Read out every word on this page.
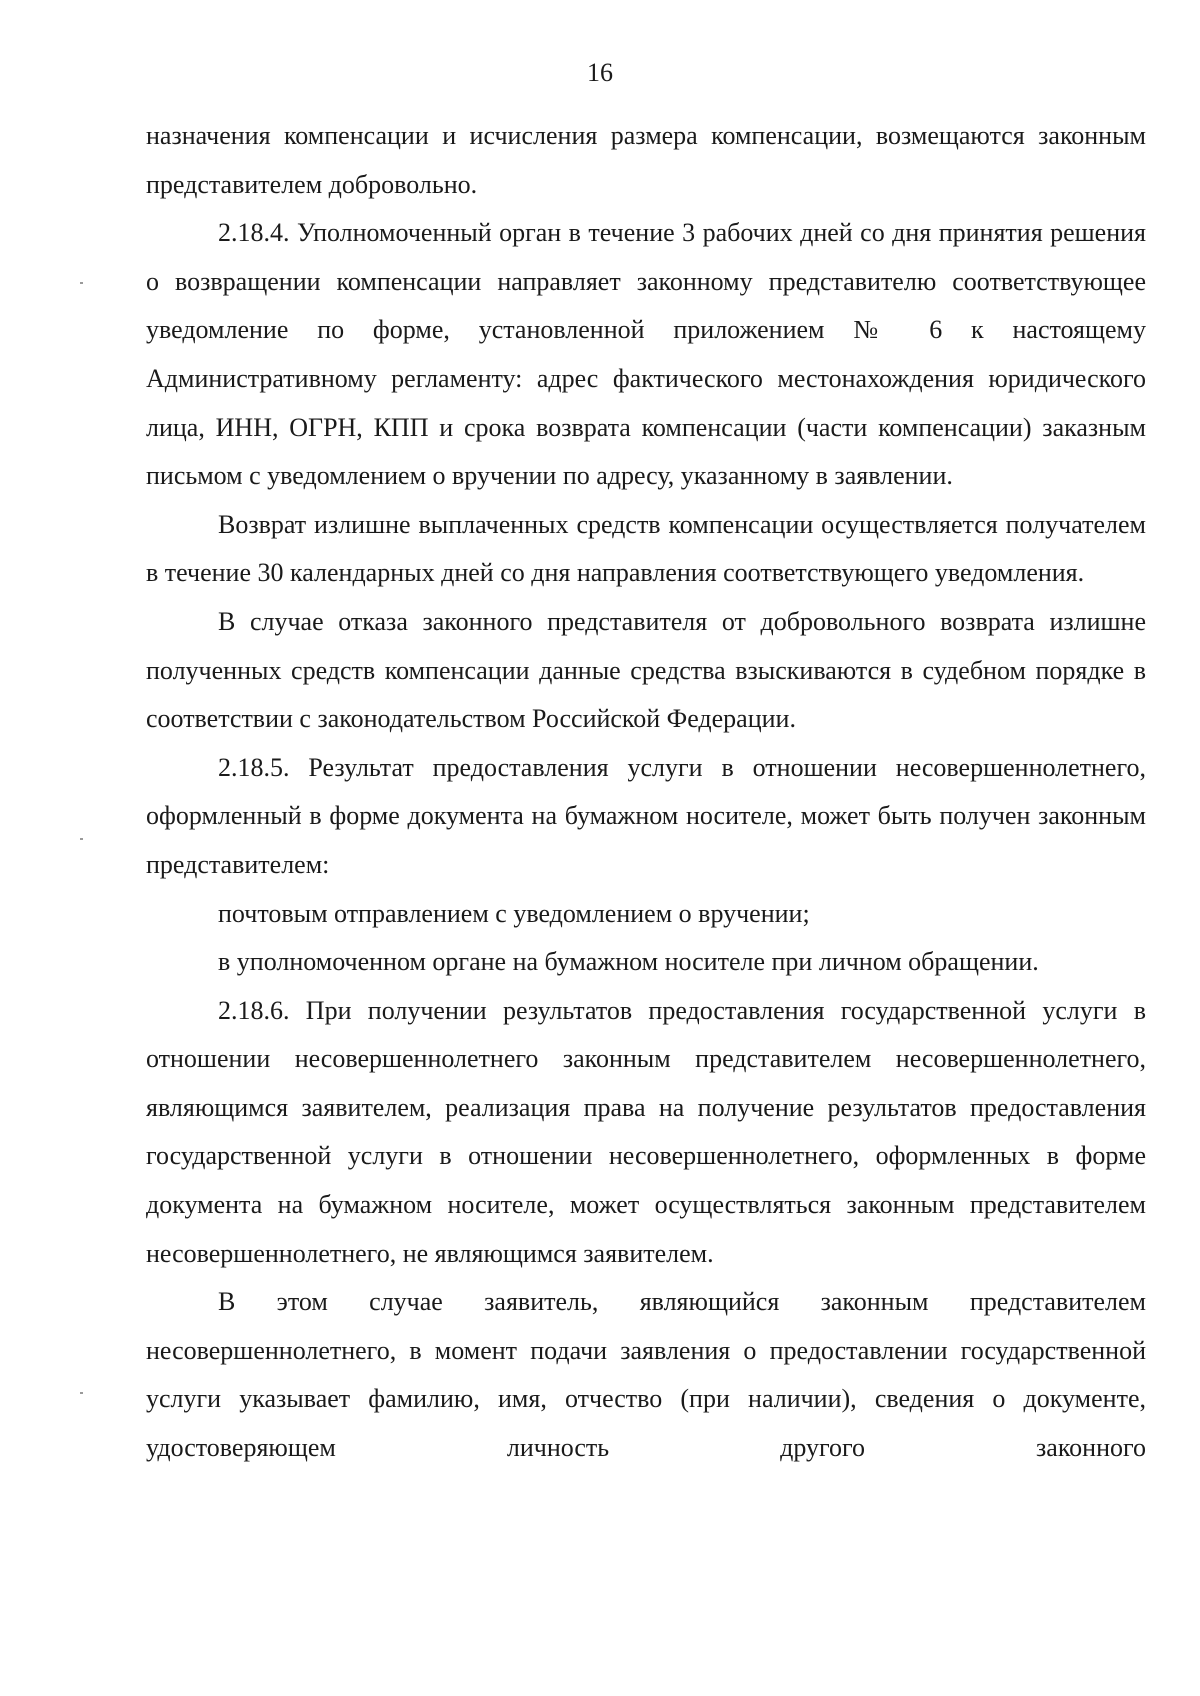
16

назначения компенсации и исчисления размера компенсации, возмещаются законным представителем добровольно.

2.18.4. Уполномоченный орган в течение 3 рабочих дней со дня принятия решения о возвращении компенсации направляет законному представителю соответствующее уведомление по форме, установленной приложением № 6 к настоящему Административному регламенту: адрес фактического местонахождения юридического лица, ИНН, ОГРН, КПП и срока возврата компенсации (части компенсации) заказным письмом с уведомлением о вручении по адресу, указанному в заявлении.

Возврат излишне выплаченных средств компенсации осуществляется получателем в течение 30 календарных дней со дня направления соответствующего уведомления.

В случае отказа законного представителя от добровольного возврата излишне полученных средств компенсации данные средства взыскиваются в судебном порядке в соответствии с законодательством Российской Федерации.

2.18.5. Результат предоставления услуги в отношении несовершеннолетнего, оформленный в форме документа на бумажном носителе, может быть получен законным представителем:

почтовым отправлением с уведомлением о вручении;

в уполномоченном органе на бумажном носителе при личном обращении.

2.18.6. При получении результатов предоставления государственной услуги в отношении несовершеннолетнего законным представителем несовершеннолетнего, являющимся заявителем, реализация права на получение результатов предоставления государственной услуги в отношении несовершеннолетнего, оформленных в форме документа на бумажном носителе, может осуществляться законным представителем несовершеннолетнего, не являющимся заявителем.

В этом случае заявитель, являющийся законным представителем несовершеннолетнего, в момент подачи заявления о предоставлении государственной услуги указывает фамилию, имя, отчество (при наличии), сведения о документе, удостоверяющем личность другого законного
